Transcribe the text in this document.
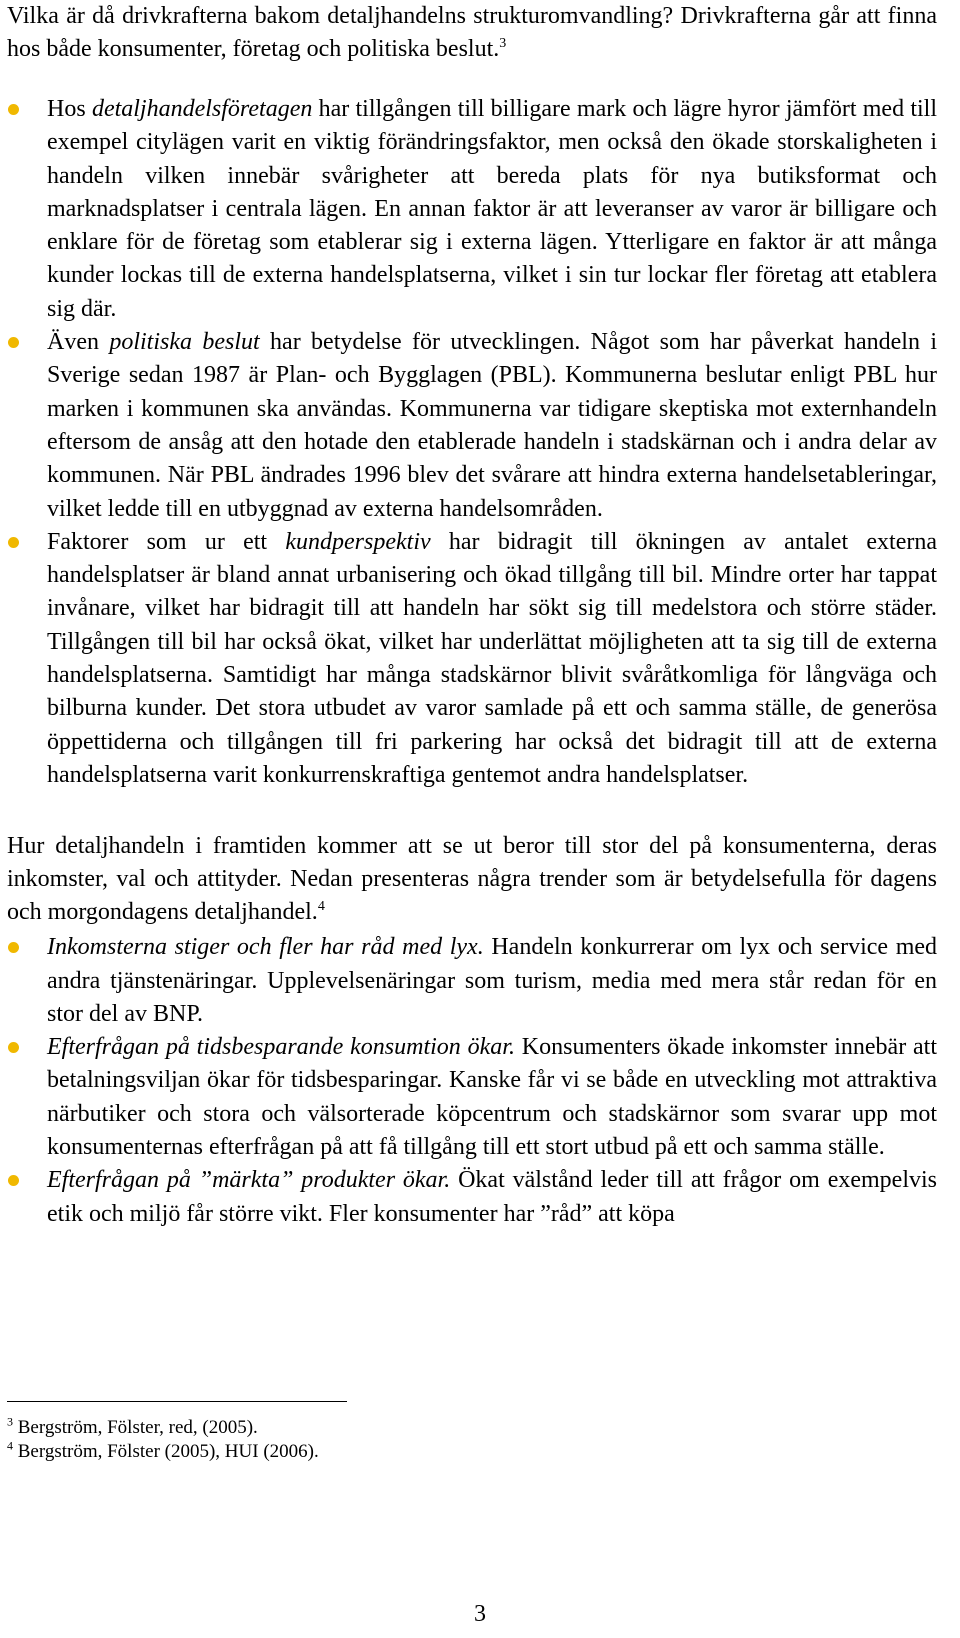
Vilka är då drivkrafterna bakom detaljhandelns strukturomvandling? Drivkrafterna går att finna hos både konsumenter, företag och politiska beslut.$^3$

Hos detaljhandelsföretagen har tillgången till billigare mark och lägre hyror jämfört med till exempel citylägen varit en viktig förändringsfaktor, men också den ökade storskaligheten i handeln vilken innebär svårigheter att bereda plats för nya butiksformat och marknadsplatser i centrala lägen. En annan faktor är att leveranser av varor är billigare och enklare för de företag som etablerar sig i externa lägen. Ytterligare en faktor är att många kunder lockas till de externa handelsplatserna, vilket i sin tur lockar fler företag att etablera sig där.
Även politiska beslut har betydelse för utvecklingen. Något som har påverkat handeln i Sverige sedan 1987 är Plan- och Bygglagen (PBL). Kommunerna beslutar enligt PBL hur marken i kommunen ska användas. Kommunerna var tidigare skeptiska mot externhandeln eftersom de ansåg att den hotade den etablerade handeln i stadskärnan och i andra delar av kommunen. När PBL ändrades 1996 blev det svårare att hindra externa handelsetableringar, vilket ledde till en utbyggnad av externa handelsområden.
Faktorer som ur ett kundperspektiv har bidragit till ökningen av antalet externa handelsplatser är bland annat urbanisering och ökad tillgång till bil. Mindre orter har tappat invånare, vilket har bidragit till att handeln har sökt sig till medelstora och större städer. Tillgången till bil har också ökat, vilket har underlättat möjligheten att ta sig till de externa handelsplatserna. Samtidigt har många stadskärnor blivit svåråtkomliga för långväga och bilburna kunder. Det stora utbudet av varor samlade på ett och samma ställe, de generösa öppettiderna och tillgången till fri parkering har också det bidragit till att de externa handelsplatserna varit konkurrenskraftiga gentemot andra handelsplatser.

Hur detaljhandeln i framtiden kommer att se ut beror till stor del på konsumenterna, deras inkomster, val och attityder. Nedan presenteras några trender som är betydelsefulla för dagens och morgondagens detaljhandel.$^4$

Inkomsterna stiger och fler har råd med lyx. Handeln konkurrerar om lyx och service med andra tjänstenäringar. Upplevelsenäringar som turism, media med mera står redan för en stor del av BNP.
Efterfrågan på tidsbesparande konsumtion ökar. Konsumenters ökade inkomster innebär att betalningsviljan ökar för tidsbesparingar. Kanske får vi se både en utveckling mot attraktiva närbutiker och stora och välsorterade köpcentrum och stadskärnor som svarar upp mot konsumenternas efterfrågan på att få tillgång till ett stort utbud på ett och samma ställe.
Efterfrågan på ”märkta” produkter ökar. Ökat välstånd leder till att frågor om exempelvis etik och miljö får större vikt. Fler konsumenter har ”råd” att köpa
$^3$ Bergström, Fölster, red, (2005).
$^4$ Bergström, Fölster (2005), HUI (2006).
3
